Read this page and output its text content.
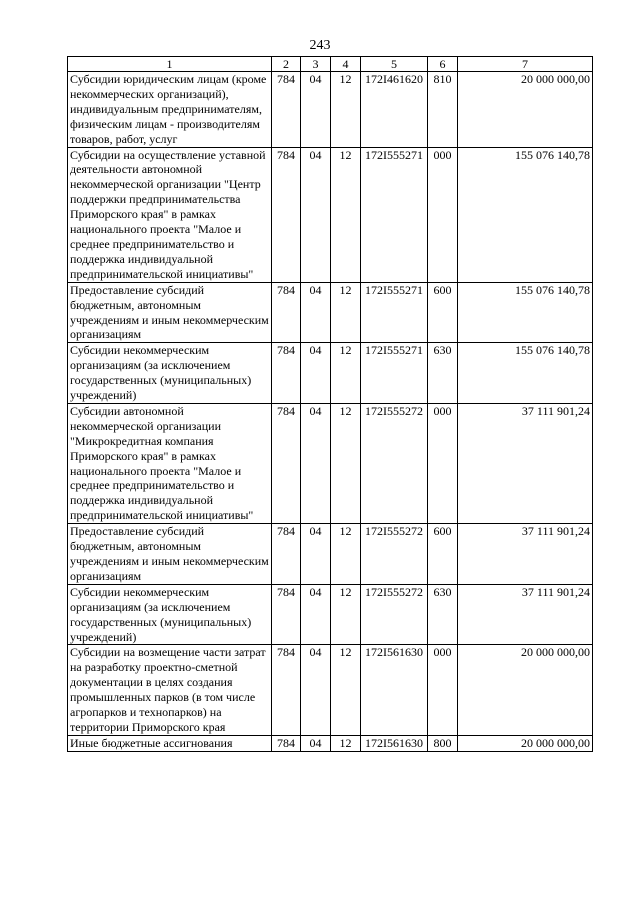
243
1	2	3	4	5	6	7
Субсидии юридическим лицам (кроме некоммерческих организаций), индивидуальным предпринимателям, физическим лицам - производителям товаров, работ, услуг	784	04	12	172I461620	810	20 000 000,00
Субсидии на осуществление уставной деятельности автономной некоммерческой организации "Центр поддержки предпринимательства Приморского края" в рамках национального проекта "Малое и среднее предпринимательство и поддержка индивидуальной предпринимательской инициативы"	784	04	12	172I555271	000	155 076 140,78
Предоставление субсидий бюджетным, автономным учреждениям и иным некоммерческим организациям	784	04	12	172I555271	600	155 076 140,78
Субсидии некоммерческим организациям (за исключением государственных (муниципальных) учреждений)	784	04	12	172I555271	630	155 076 140,78
Субсидии автономной некоммерческой организации "Микрокредитная компания Приморского края" в рамках национального проекта "Малое и среднее предпринимательство и поддержка индивидуальной предпринимательской инициативы"	784	04	12	172I555272	000	37 111 901,24
Предоставление субсидий бюджетным, автономным учреждениям и иным некоммерческим организациям	784	04	12	172I555272	600	37 111 901,24
Субсидии некоммерческим организациям (за исключением государственных (муниципальных) учреждений)	784	04	12	172I555272	630	37 111 901,24
Субсидии на возмещение части затрат на разработку проектно-сметной документации в целях создания промышленных парков (в том числе агропарков и технопарков) на территории Приморского края	784	04	12	172I561630	000	20 000 000,00
Иные бюджетные ассигнования	784	04	12	172I561630	800	20 000 000,00
